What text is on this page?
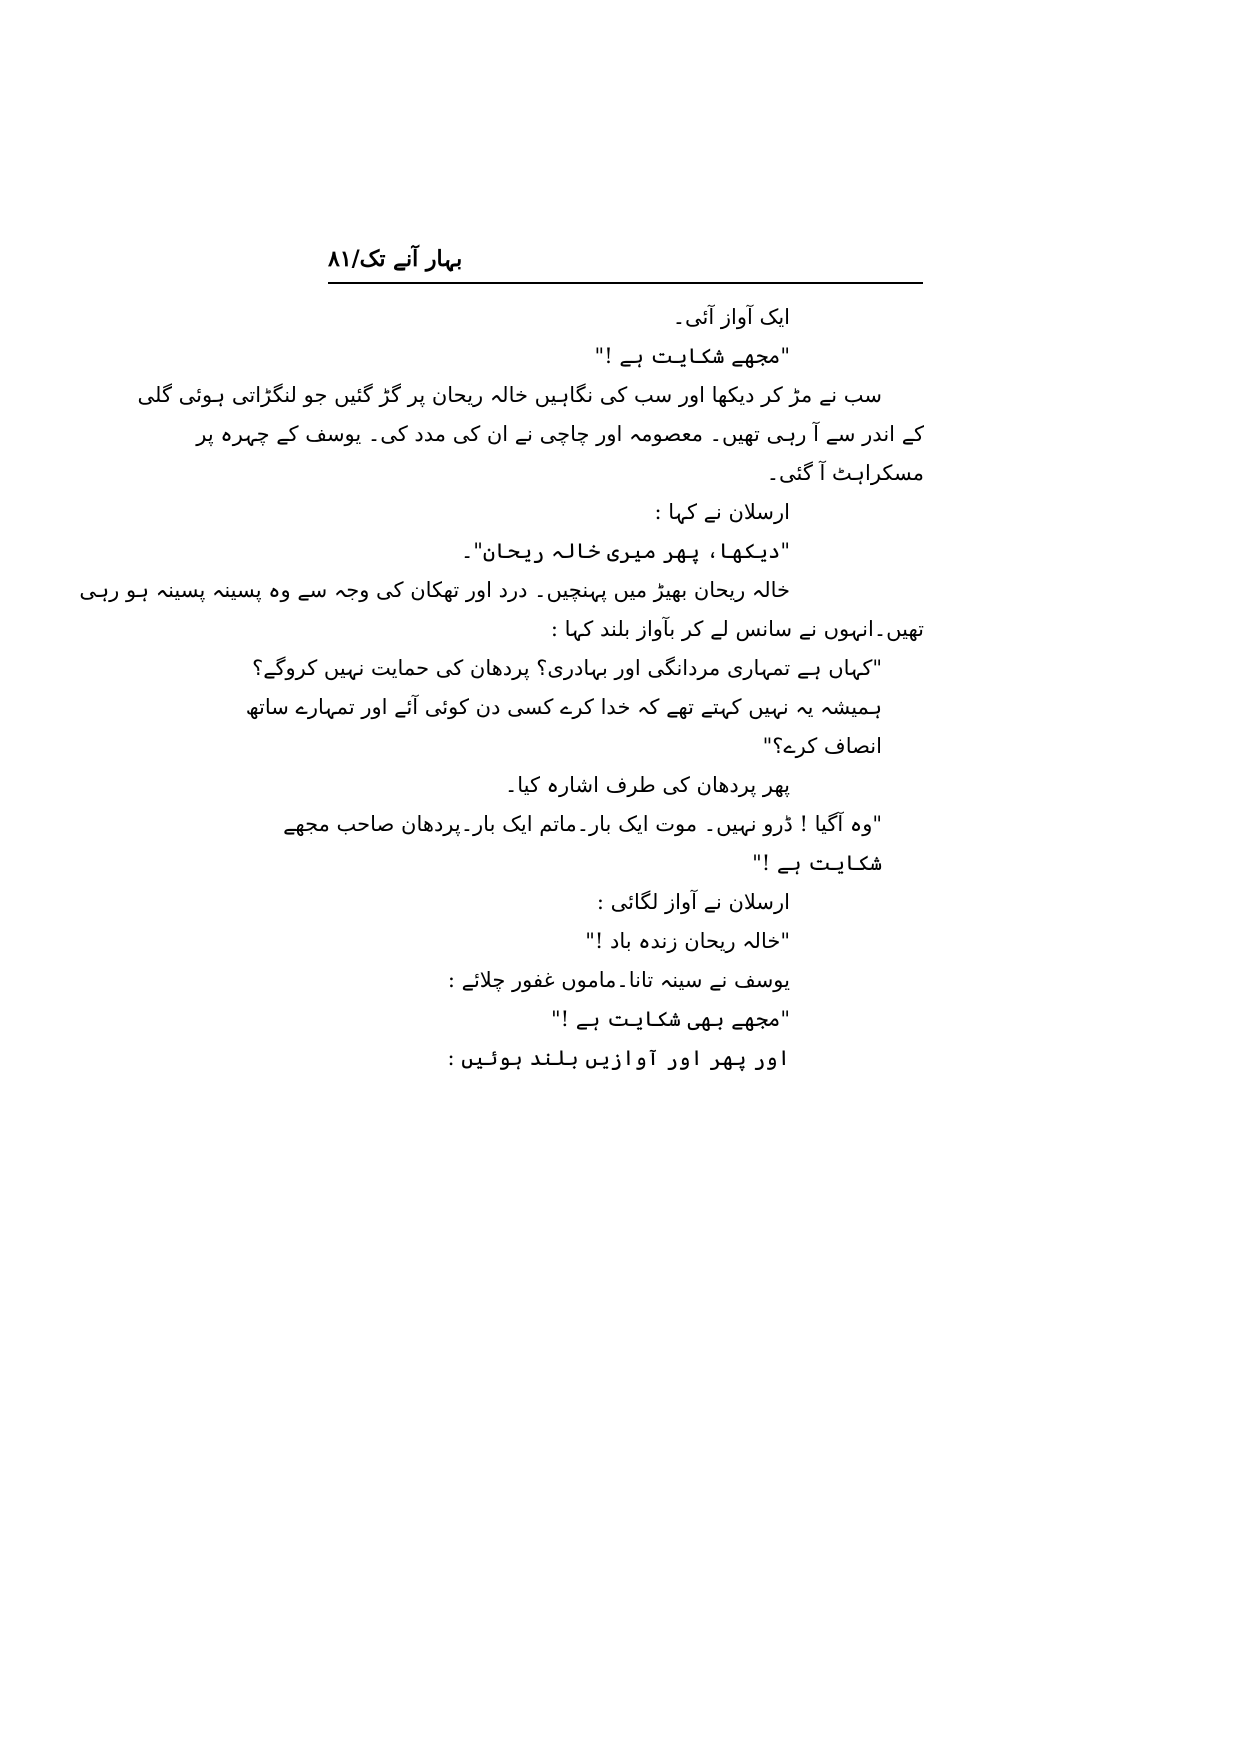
بہار آنے تک/۸۱
ایک آواز آئی۔
"مجھے شکایت ہے !"
سب نے مڑ کر دیکھا اور سب کی نگاہیں خالہ ریحان پر گڑ گئیں جو لنگڑاتی ہوئی گلی
کے اندر سے آ رہی تھیں۔ معصومہ اور چاچی نے ان کی مدد کی۔ یوسف کے چہرہ پر
مسکراہٹ آ گئی۔
ارسلان نے کہا :
"دیکھا، پھر میری خالہ ریحان"۔
خالہ ریحان بھیڑ میں پہنچیں۔ درد اور تھکان کی وجہ سے وہ پسینہ پسینہ ہو رہی
تھیں۔انہوں نے سانس لے کر بآواز بلند کہا :
"کہاں ہے تمہاری مردانگی اور بہادری؟ پردھان کی حمایت نہیں کروگے؟
ہمیشہ یہ نہیں کہتے تھے کہ خدا کرے کسی دن کوئی آئے اور تمہارے ساتھ
انصاف کرے؟"
پھر پردھان کی طرف اشارہ کیا۔
"وہ آگیا ! ڈرو نہیں۔ موت ایک بار۔ماتم ایک بار۔پردھان صاحب مجھے
شکایت ہے !"
ارسلان نے آواز لگائی :
"خالہ ریحان زندہ باد !"
یوسف نے سینہ تانا۔ماموں غفور چلائے :
"مجھے بھی شکایت ہے !"
اور پھر اور آوازیں بلند ہوئیں :
